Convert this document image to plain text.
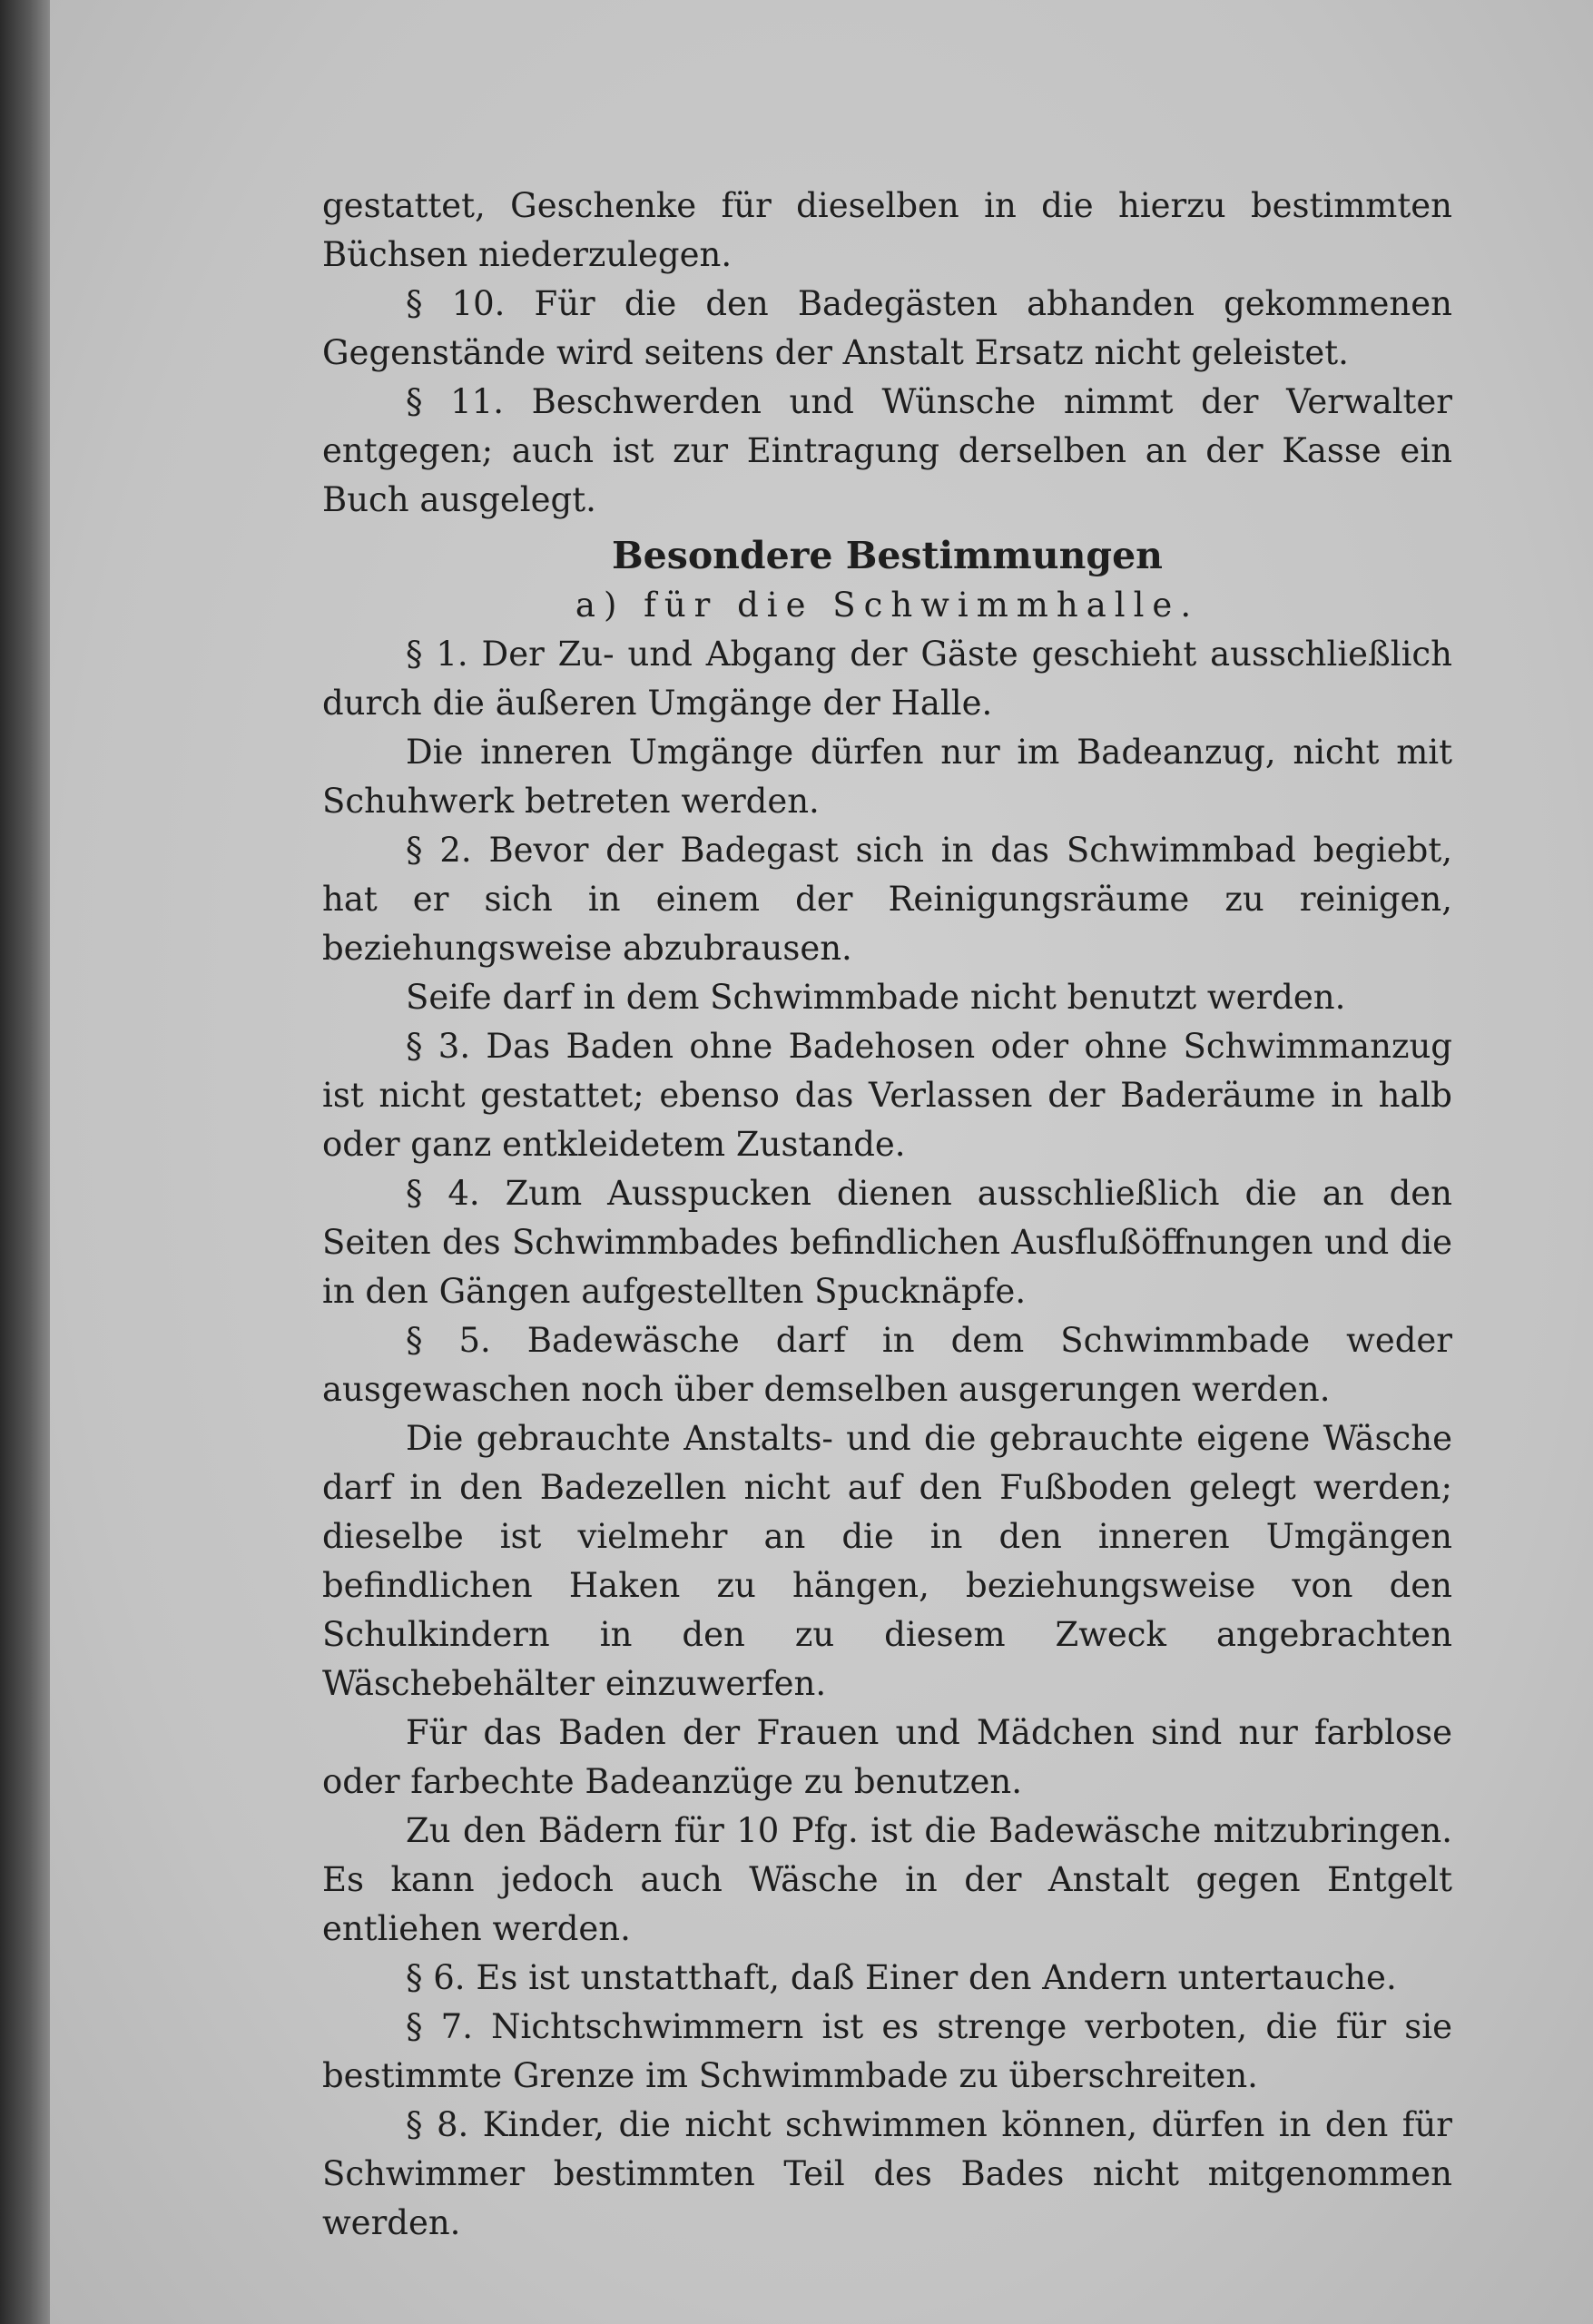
gestattet, Geschenke für dieselben in die hierzu bestimmten Büchsen niederzulegen.

§ 10. Für die den Badegästen abhanden gekommenen Gegenstände wird seitens der Anstalt Ersatz nicht geleistet.

§ 11. Beschwerden und Wünsche nimmt der Verwalter entgegen; auch ist zur Eintragung derselben an der Kasse ein Buch ausgelegt.

Besondere Bestimmungen

a) für die Schwimmhalle.

§ 1. Der Zu- und Abgang der Gäste geschieht ausschließlich durch die äußeren Umgänge der Halle.

Die inneren Umgänge dürfen nur im Badeanzug, nicht mit Schuhwerk betreten werden.

§ 2. Bevor der Badegast sich in das Schwimmbad begiebt, hat er sich in einem der Reinigungsräume zu reinigen, beziehungsweise abzubrausen.

Seife darf in dem Schwimmbade nicht benutzt werden.

§ 3. Das Baden ohne Badehosen oder ohne Schwimmanzug ist nicht gestattet; ebenso das Verlassen der Baderäume in halb oder ganz entkleidetem Zustande.

§ 4. Zum Ausspucken dienen ausschließlich die an den Seiten des Schwimmbades befindlichen Ausflußöffnungen und die in den Gängen aufgestellten Spucknäpfe.

§ 5. Badewäsche darf in dem Schwimmbade weder ausgewaschen noch über demselben ausgerungen werden.

Die gebrauchte Anstalts- und die gebrauchte eigene Wäsche darf in den Badezellen nicht auf den Fußboden gelegt werden; dieselbe ist vielmehr an die in den inneren Umgängen befindlichen Haken zu hängen, beziehungsweise von den Schulkindern in den zu diesem Zweck angebrachten Wäschebehälter einzuwerfen.

Für das Baden der Frauen und Mädchen sind nur farblose oder farbechte Badeanzüge zu benutzen.

Zu den Bädern für 10 Pfg. ist die Badewäsche mitzubringen. Es kann jedoch auch Wäsche in der Anstalt gegen Entgelt entliehen werden.

§ 6. Es ist unstatthaft, daß Einer den Andern untertauche.

§ 7. Nichtschwimmern ist es strenge verboten, die für sie bestimmte Grenze im Schwimmbade zu überschreiten.

§ 8. Kinder, die nicht schwimmen können, dürfen in den für Schwimmer bestimmten Teil des Bades nicht mitgenommen werden.
